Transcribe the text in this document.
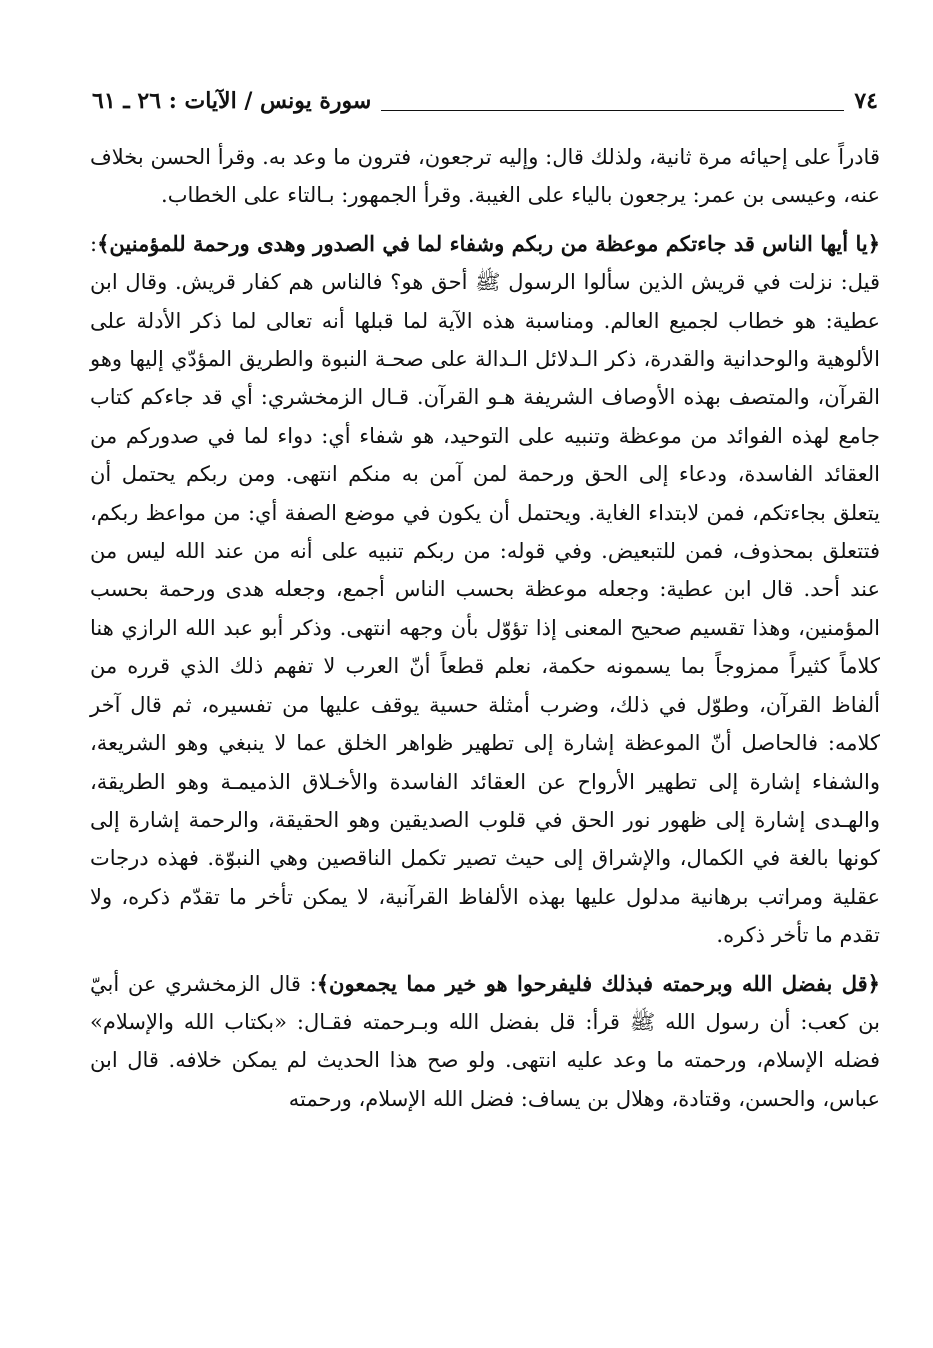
٧٤
سورة يونس / الآيات : ٢٦ ـ ٦١

قادراً على إحيائه مرة ثانية، ولذلك قال: وإليه ترجعون، فترون ما وعد به. وقرأ الحسن بخلاف عنه، وعيسى بن عمر: يرجعون بالياء على الغيبة. وقرأ الجمهور: بـالتاء على الخطاب.

﴿يا أيها الناس قد جاءتكم موعظة من ربكم وشفاء لما في الصدور وهدى ورحمة للمؤمنين﴾: قيل: نزلت في قريش الذين سألوا الرسول ﷺ أحق هو؟ فالناس هم كفار قريش. وقال ابن عطية: هو خطاب لجميع العالم. ومناسبة هذه الآية لما قبلها أنه تعالى لما ذكر الأدلة على الألوهية والوحدانية والقدرة، ذكر الـدلائل الـدالة على صحـة النبوة والطريق المؤدّي إليها وهو القرآن، والمتصف بهذه الأوصاف الشريفة هـو القرآن. قـال الزمخشري: أي قد جاءكم كتاب جامع لهذه الفوائد من موعظة وتنبيه على التوحيد، هو شفاء أي: دواء لما في صدوركم من العقائد الفاسدة، ودعاء إلى الحق ورحمة لمن آمن به منكم انتهى. ومن ربكم يحتمل أن يتعلق بجاءتكم، فمن لابتداء الغاية. ويحتمل أن يكون في موضع الصفة أي: من مواعظ ربكم، فتتعلق بمحذوف، فمن للتبعيض. وفي قوله: من ربكم تنبيه على أنه من عند الله ليس من عند أحد. قال ابن عطية: وجعله موعظة بحسب الناس أجمع، وجعله هدى ورحمة بحسب المؤمنين، وهذا تقسيم صحيح المعنى إذا تؤوّل بأن وجهه انتهى. وذكر أبو عبد الله الرازي هنا كلاماً كثيراً ممزوجاً بما يسمونه حكمة، نعلم قطعاً أنّ العرب لا تفهم ذلك الذي قرره من ألفاظ القرآن، وطوّل في ذلك، وضرب أمثلة حسية يوقف عليها من تفسيره، ثم قال آخر كلامه: فالحاصل أنّ الموعظة إشارة إلى تطهير ظواهر الخلق عما لا ينبغي وهو الشريعة، والشفاء إشارة إلى تطهير الأرواح عن العقائد الفاسدة والأخـلاق الذميمـة وهو الطريقة، والهـدى إشارة إلى ظهور نور الحق في قلوب الصديقين وهو الحقيقة، والرحمة إشارة إلى كونها بالغة في الكمال، والإشراق إلى حيث تصير تكمل الناقصين وهي النبوّة. فهذه درجات عقلية ومراتب برهانية مدلول عليها بهذه الألفاظ القرآنية، لا يمكن تأخر ما تقدّم ذكره، ولا تقدم ما تأخر ذكره.

﴿قل بفضل الله وبرحمته فبذلك فليفرحوا هو خير مما يجمعون﴾: قال الزمخشري عن أبيّ بن كعب: أن رسول الله ﷺ قرأ: قل بفضل الله وبـرحمته فقـال: «بكتاب الله والإسلام» فضله الإسلام، ورحمته ما وعد عليه انتهى. ولو صح هذا الحديث لم يمكن خلافه. قال ابن عباس، والحسن، وقتادة، وهلال بن يساف: فضل الله الإسلام، ورحمته
